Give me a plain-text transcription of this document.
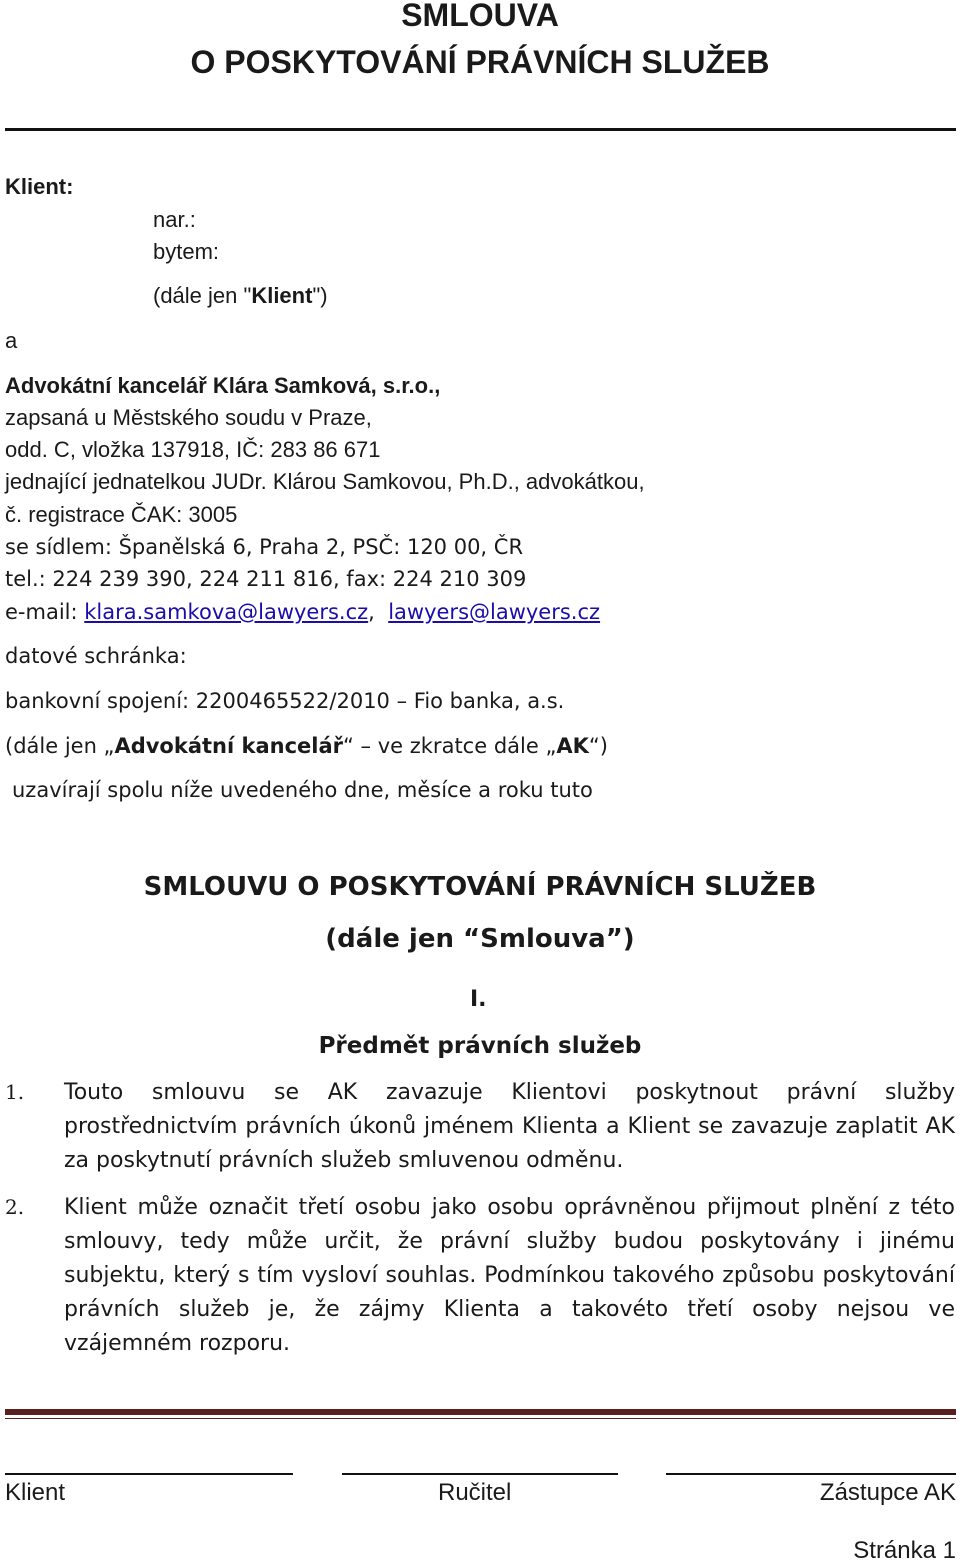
SMLOUVA
O POSKYTOVÁNÍ PRÁVNÍCH SLUŽEB
Klient:
nar.:
bytem:
(dále jen "Klient")
a
Advokátní kancelář Klára Samková, s.r.o.,
zapsaná u Městského soudu v Praze,
odd. C, vložka 137918, IČ: 283 86 671
jednající jednatelkou JUDr. Klárou Samkovou, Ph.D., advokátkou,
č. registrace ČAK: 3005
se sídlem: Španělská 6, Praha 2, PSČ: 120 00, ČR
tel.: 224 239 390, 224 211 816, fax: 224 210 309
e-mail: klara.samkova@lawyers.cz,  lawyers@lawyers.cz
datové schránka:
bankovní spojení: 2200465522/2010 – Fio banka, a.s.
(dále jen „Advokátní kancelář“ – ve zkratce dále „AK“)
uzavírají spolu níže uvedeného dne, měsíce a roku tuto
SMLOUVU O POSKYTOVÁNÍ PRÁVNÍCH SLUŽEB
(dále jen “Smlouva”)
I.
Předmět právních služeb
1. Touto smlouvu se AK zavazuje Klientovi poskytnout právní služby prostřednictvím právních úkonů jménem Klienta a Klient se zavazuje zaplatit AK za poskytnutí právních služeb smluvenou odměnu.

2. Klient může označit třetí osobu jako osobu oprávněnou přijmout plnění z této smlouvy, tedy může určit, že právní služby budou poskytovány i jinému subjektu, který s tím vysloví souhlas. Podmínkou takového způsobu poskytování právních služeb je, že zájmy Klienta a takovéto třetí osoby nejsou ve vzájemném rozporu.

Klient	Ručitel	Zástupce AK
Stránka 1
